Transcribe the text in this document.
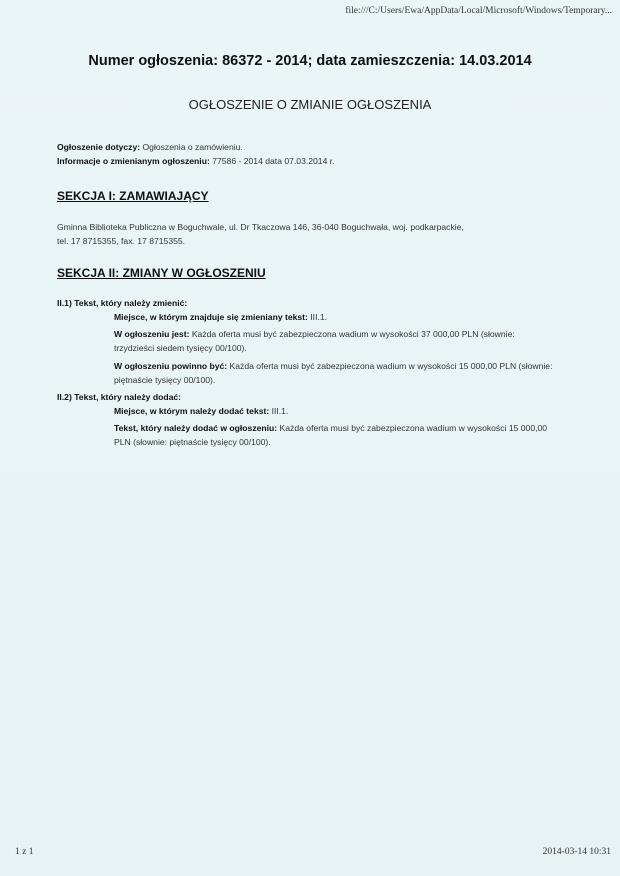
file:///C:/Users/Ewa/AppData/Local/Microsoft/Windows/Temporary...
Numer ogłoszenia: 86372 - 2014; data zamieszczenia: 14.03.2014
OGŁOSZENIE O ZMIANIE OGŁOSZENIA
Ogłoszenie dotyczy: Ogłoszenia o zamówieniu.
Informacje o zmienianym ogłoszeniu: 77586 - 2014 data 07.03.2014 r.
SEKCJA I: ZAMAWIAJĄCY
Gminna Biblioteka Publiczna w Boguchwale, ul. Dr Tkaczowa 146, 36-040 Boguchwała, woj. podkarpackie,
tel. 17 8715355, fax. 17 8715355.
SEKCJA II: ZMIANY W OGŁOSZENIU
II.1) Tekst, który należy zmienić:
Miejsce, w którym znajduje się zmieniany tekst: III.1.
W ogłoszeniu jest: Każda oferta musi być zabezpieczona wadium w wysokości 37 000,00 PLN (słownie: trzydzieści siedem tysięcy 00/100).
W ogłoszeniu powinno być: Każda oferta musi być zabezpieczona wadium w wysokości 15 000,00 PLN (słownie: piętnaście tysięcy 00/100).
II.2) Tekst, który należy dodać:
Miejsce, w którym należy dodać tekst: III.1.
Tekst, który należy dodać w ogłoszeniu: Każda oferta musi być zabezpieczona wadium w wysokości 15 000,00 PLN (słownie: piętnaście tysięcy 00/100).
1 z 1	2014-03-14 10:31
